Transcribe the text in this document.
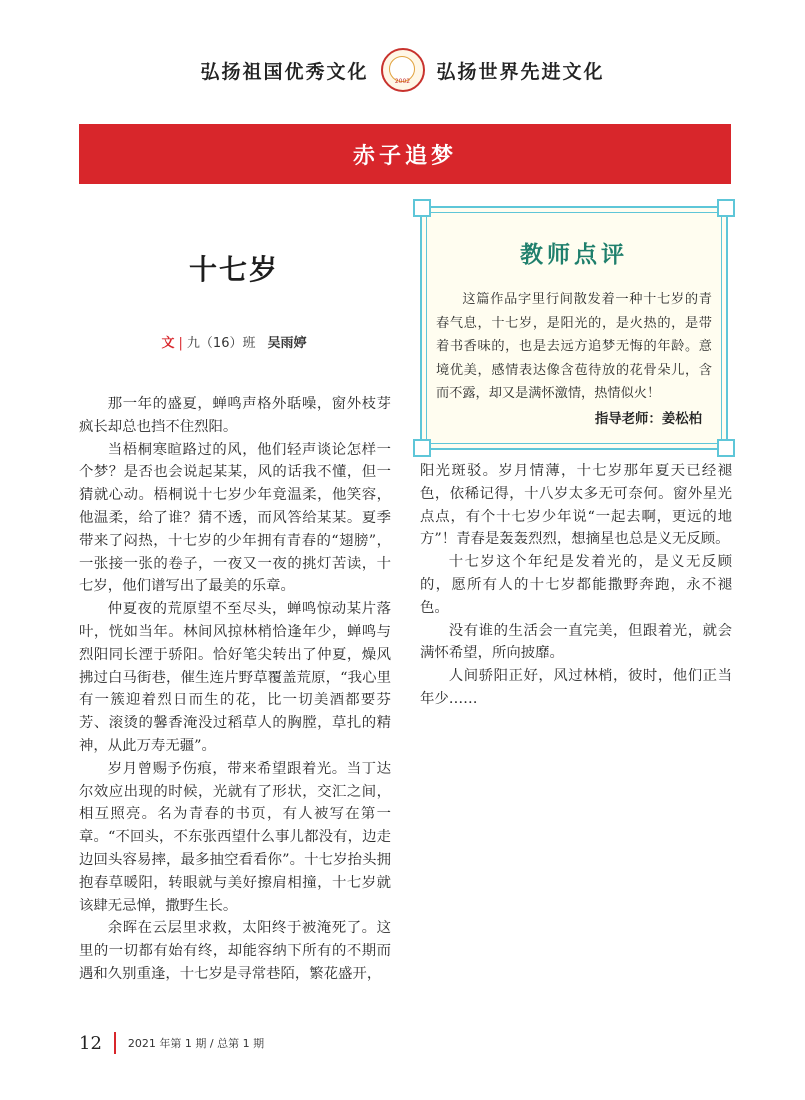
弘扬祖国优秀文化	2002	弘扬世界先进文化
赤子追梦
十七岁
文 | 九（16）班 吴雨婷

那一年的盛夏，蝉鸣声格外聒噪，窗外枝芽疯长却总也挡不住烈阳。

当梧桐寒暄路过的风，他们轻声谈论怎样一个梦？是否也会说起某某，风的话我不懂，但一猜就心动。梧桐说十七岁少年竟温柔，他笑容，他温柔，给了谁？猜不透，而风答给某某。夏季带来了闷热，十七岁的少年拥有青春的“翅膀”，一张接一张的卷子，一夜又一夜的挑灯苦读，十七岁，他们谱写出了最美的乐章。

仲夏夜的荒原望不至尽头，蝉鸣惊动某片落叶，恍如当年。林间风掠林梢恰逢年少，蝉鸣与烈阳同长湮于骄阳。恰好笔尖转出了仲夏，燥风拂过白马街巷，催生连片野草覆盖荒原，“我心里有一簇迎着烈日而生的花，比一切美酒都要芬芳、滚烫的馨香淹没过稻草人的胸膛，草扎的精神，从此万寿无疆”。

岁月曾赐予伤痕，带来希望跟着光。当丁达尔效应出现的时候，光就有了形状，交汇之间，相互照亮。名为青春的书页，有人被写在第一章。“不回头，不东张西望什么事儿都没有，边走边回头容易摔，最多抽空看看你”。十七岁抬头拥抱春草暖阳，转眼就与美好擦肩相撞，十七岁就该肆无忌惮，撒野生长。

余晖在云层里求救，太阳终于被淹死了。这里的一切都有始有终，却能容纳下所有的不期而遇和久别重逢，十七岁是寻常巷陌，繁花盛开，

教师点评
这篇作品字里行间散发着一种十七岁的青春气息，十七岁，是阳光的，是火热的，是带着书香味的，也是去远方追梦无悔的年龄。意境优美，感情表达像含苞待放的花骨朵儿，含而不露，却又是满怀激情，热情似火！
指导老师：姜松柏

阳光斑驳。岁月情薄，十七岁那年夏天已经褪色，依稀记得，十八岁太多无可奈何。窗外星光点点，有个十七岁少年说“一起去啊，更远的地方”！青春是轰轰烈烈，想摘星也总是义无反顾。

十七岁这个年纪是发着光的，是义无反顾的，愿所有人的十七岁都能撒野奔跑，永不褪色。

没有谁的生活会一直完美，但跟着光，就会满怀希望，所向披靡。

人间骄阳正好，风过林梢，彼时，他们正当年少……

12 2021 年第 1 期 / 总第 1 期
